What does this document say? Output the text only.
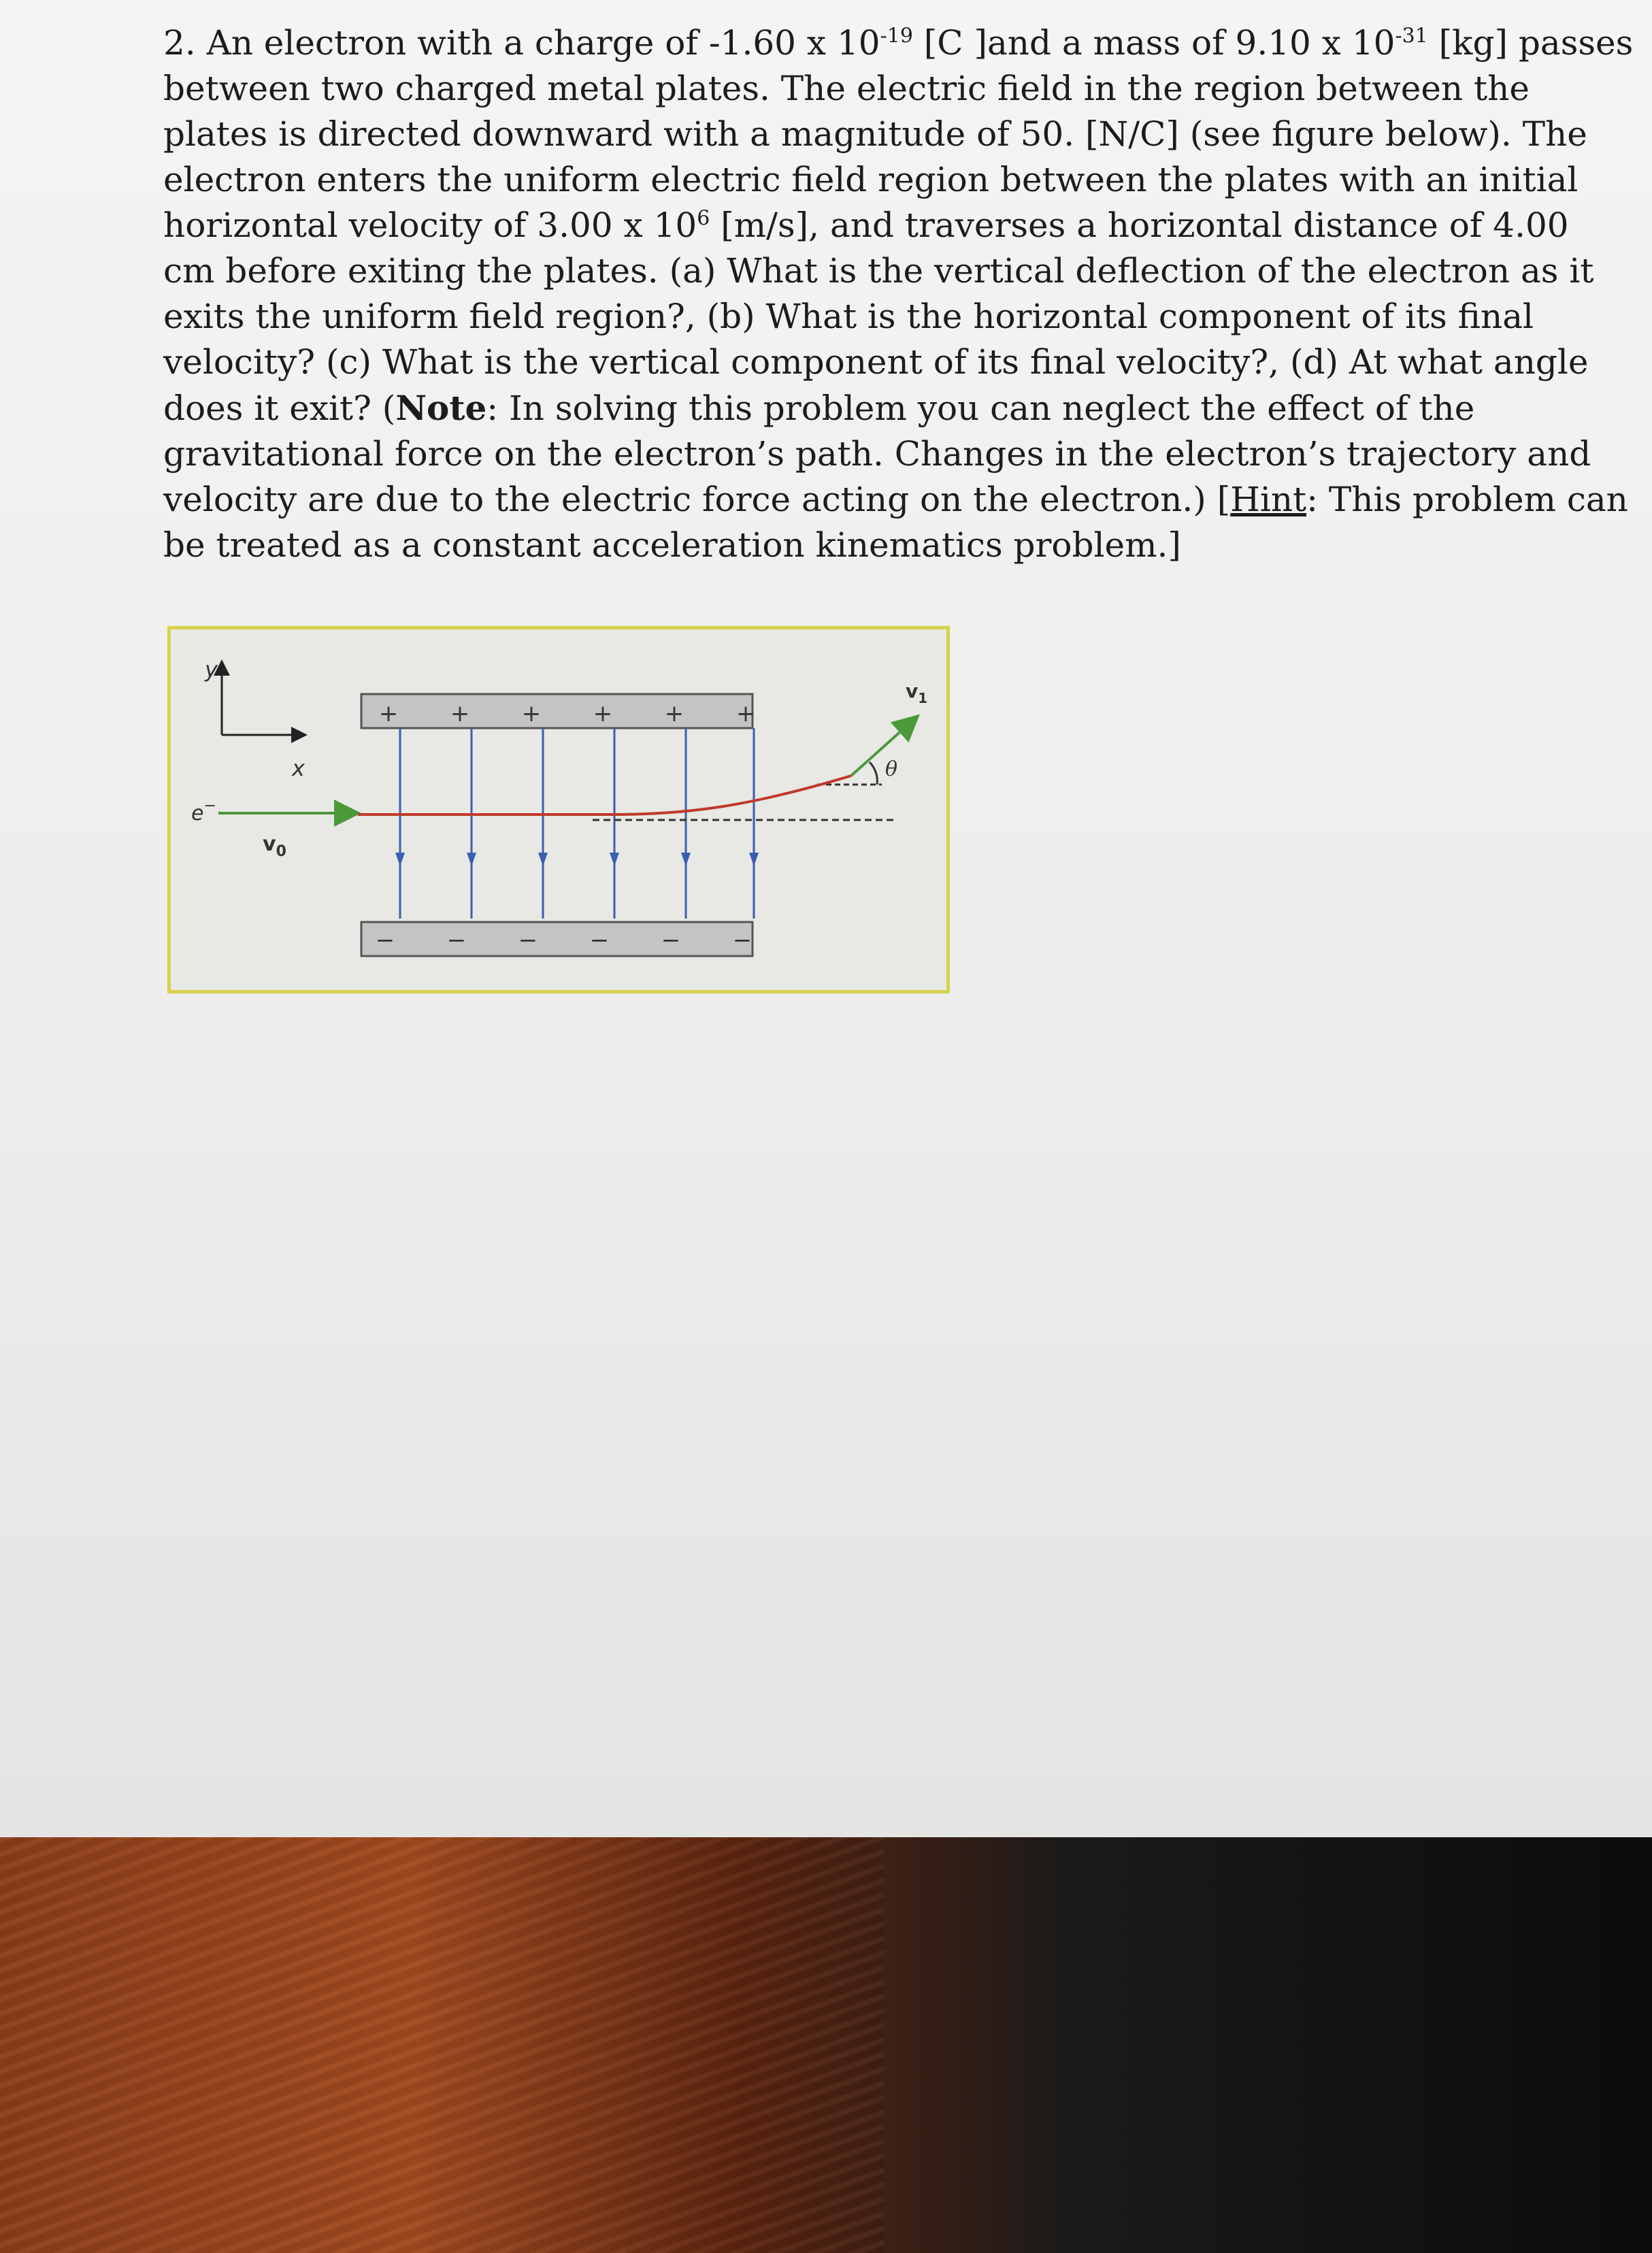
2. An electron with a charge of -1.60 x $10^{-19}$ [C ]and a mass of 9.10 x $10^{-31}$ [kg] passes
between two charged metal plates. The electric field in the region between the
plates is directed downward with a magnitude of 50. [N/C] (see figure below). The
electron enters the uniform electric field region between the plates with an initial
horizontal velocity of 3.00 x $10^6$ [m/s], and traverses a horizontal distance of 4.00
cm before exiting the plates. (a) What is the vertical deflection of the electron as it
exits the uniform field region?, (b) What is the horizontal component of its final
velocity? (c) What is the vertical component of its final velocity?, (d) At what angle
does it exit? (Note: In solving this problem you can neglect the effect of the
gravitational force on the electron’s path. Changes in the electron’s trajectory and
velocity are due to the electric force acting on the electron.) [Hint: This problem can
be treated as a constant acceleration kinematics problem.]
y
x
e−
$v_0$
+ + + + + +
− − − − − −
$v_1$
θ
